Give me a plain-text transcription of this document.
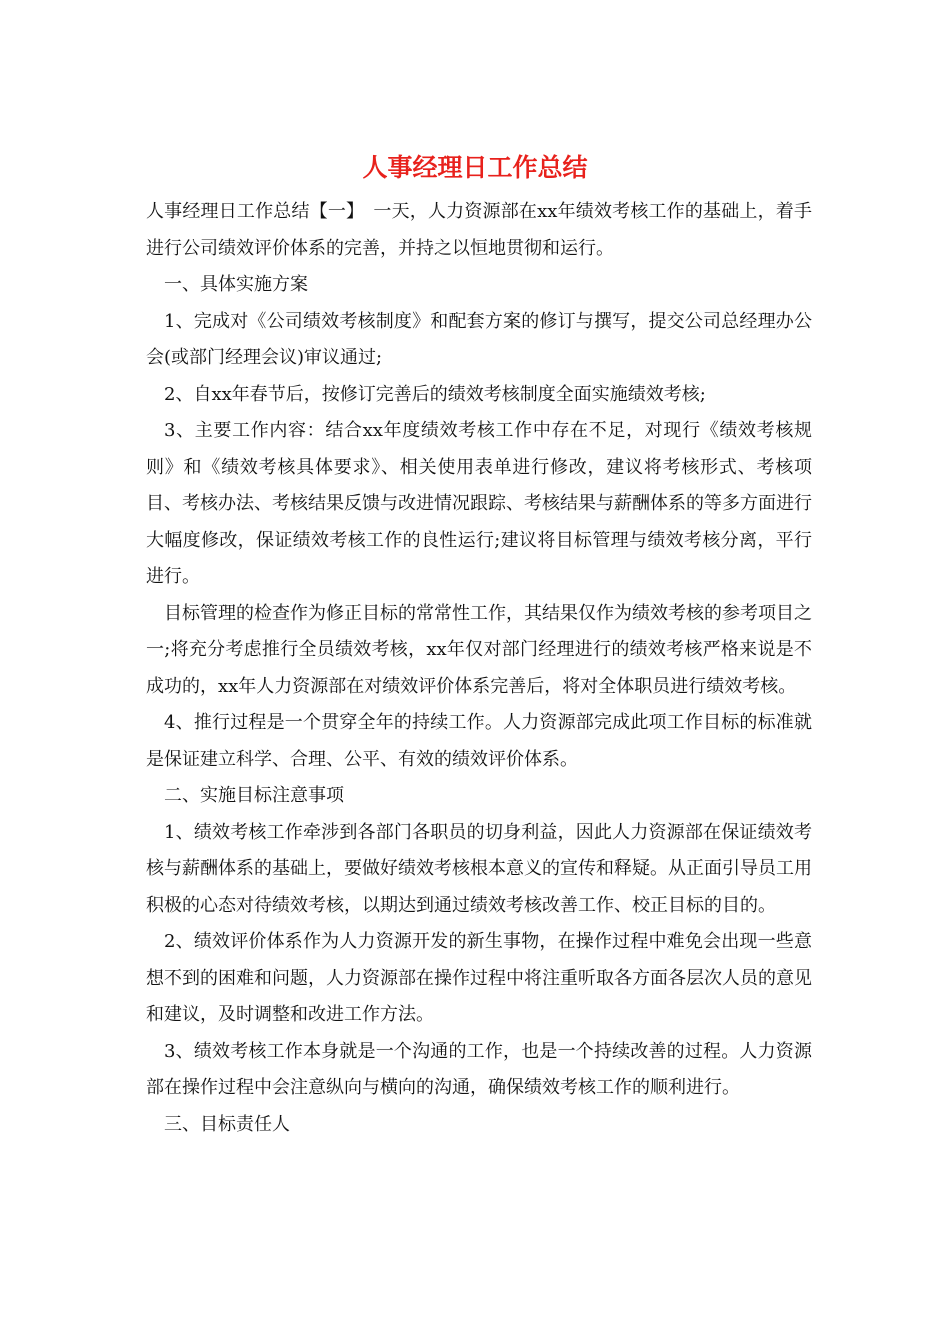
人事经理日工作总结

人事经理日工作总结【一】　一天，人力资源部在xx年绩效考核工作的基础上，着手进行公司绩效评价体系的完善，并持之以恒地贯彻和运行。

一、具体实施方案

1、完成对《公司绩效考核制度》和配套方案的修订与撰写，提交公司总经理办公会(或部门经理会议)审议通过;

2、自xx年春节后，按修订完善后的绩效考核制度全面实施绩效考核;

3、主要工作内容：结合xx年度绩效考核工作中存在不足，对现行《绩效考核规则》和《绩效考核具体要求》、相关使用表单进行修改，建议将考核形式、考核项目、考核办法、考核结果反馈与改进情况跟踪、考核结果与薪酬体系的等多方面进行大幅度修改，保证绩效考核工作的良性运行;建议将目标管理与绩效考核分离，平行进行。

目标管理的检查作为修正目标的常常性工作，其结果仅作为绩效考核的参考项目之一;将充分考虑推行全员绩效考核，xx年仅对部门经理进行的绩效考核严格来说是不成功的，xx年人力资源部在对绩效评价体系完善后，将对全体职员进行绩效考核。

4、推行过程是一个贯穿全年的持续工作。人力资源部完成此项工作目标的标准就是保证建立科学、合理、公平、有效的绩效评价体系。

二、实施目标注意事项

1、绩效考核工作牵涉到各部门各职员的切身利益，因此人力资源部在保证绩效考核与薪酬体系的基础上，要做好绩效考核根本意义的宣传和释疑。从正面引导员工用积极的心态对待绩效考核，以期达到通过绩效考核改善工作、校正目标的目的。

2、绩效评价体系作为人力资源开发的新生事物，在操作过程中难免会出现一些意想不到的困难和问题，人力资源部在操作过程中将注重听取各方面各层次人员的意见和建议，及时调整和改进工作方法。

3、绩效考核工作本身就是一个沟通的工作，也是一个持续改善的过程。人力资源部在操作过程中会注意纵向与横向的沟通，确保绩效考核工作的顺利进行。

三、目标责任人
